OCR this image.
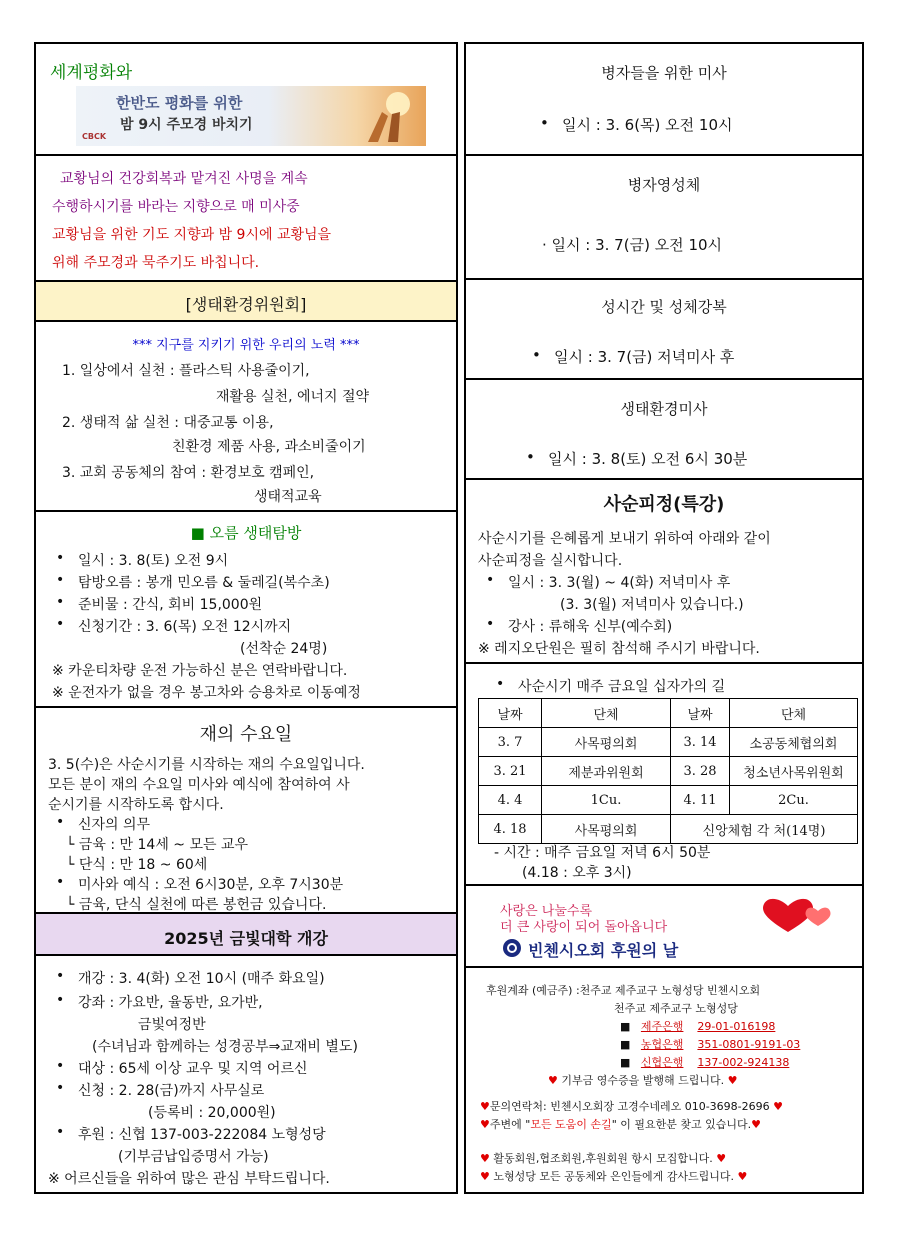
세계평화와
한반도 평화를 위한
밤 9시 주모경 바치기
CBCK
교황님의 건강회복과 맡겨진 사명을 계속
수행하시기를 바라는 지향으로 매 미사중
교황님을 위한 기도 지향과 밤 9시에 교황님을
위해 주모경과 묵주기도 바칩니다.
[생태환경위원회]
*** 지구를 지키기 위한 우리의 노력 ***
1. 일상에서 실천 : 플라스틱 사용줄이기,
재활용 실천, 에너지 절약
2. 생태적 삶 실천 : 대중교통 이용,
친환경 제품 사용, 과소비줄이기
3. 교회 공동체의 참여 : 환경보호 캠페인,
생태적교육
■ 오름 생태탐방
• 일시 : 3. 8(토) 오전 9시
• 탐방오름 : 봉개 민오름 & 둘레길(복수초)
• 준비물 : 간식, 회비 15,000원
• 신청기간 : 3. 6(목) 오전 12시까지
(선착순 24명)
※ 카운티차량 운전 가능하신 분은 연락바랍니다.
※ 운전자가 없을 경우 봉고차와 승용차로 이동예정
재의 수요일
3. 5(수)은 사순시기를 시작하는 재의 수요일입니다.
모든 분이 재의 수요일 미사와 예식에 참여하여 사
순시기를 시작하도록 합시다.
• 신자의 의무
└ 금육 : 만 14세 ~ 모든 교우
└ 단식 : 만 18 ~ 60세
• 미사와 예식 : 오전 6시30분, 오후 7시30분
└ 금육, 단식 실천에 따른 봉헌금 있습니다.
2025년 금빛대학 개강
• 개강 : 3. 4(화) 오전 10시 (매주 화요일)
• 강좌 : 가요반, 율동반, 요가반,
금빛여정반
(수녀님과 함께하는 성경공부⇒교재비 별도)
• 대상 : 65세 이상 교우 및 지역 어르신
• 신청 : 2. 28(금)까지 사무실로
(등록비 : 20,000원)
• 후원 : 신협 137-003-222084 노형성당
(기부금납입증명서 가능)
※ 어르신들을 위하여 많은 관심 부탁드립니다.
병자들을 위한 미사
• 일시 : 3. 6(목) 오전 10시
병자영성체
· 일시 : 3. 7(금) 오전 10시
성시간 및 성체강복
• 일시 : 3. 7(금) 저녁미사 후
생태환경미사
• 일시 : 3. 8(토) 오전 6시 30분
사순피정(특강)
사순시기를 은혜롭게 보내기 위하여 아래와 같이
사순피정을 실시합니다.
• 일시 : 3. 3(월) ~ 4(화) 저녁미사 후
(3. 3(월) 저녁미사 있습니다.)
• 강사 : 류해욱 신부(예수회)
※ 레지오단원은 필히 참석해 주시기 바랍니다.
• 사순시기 매주 금요일 십자가의 길
날짜	단체	날짜	단체
3. 7	사목평의회	3. 14	소공동체협의회
3. 21	제분과위원회	3. 28	청소년사목위원회
4. 4	1Cu.	4. 11	2Cu.
4. 18	사목평의회	신앙체험 각 처(14명)	
- 시간 : 매주 금요일 저녁 6시 50분
(4.18 : 오후 3시)
사랑은 나눌수록
더 큰 사랑이 되어 돌아옵니다
빈첸시오회 후원의 날
후원계좌 (예금주) :천주교 제주교구 노형성당 빈첸시오회
천주교 제주교구 노형성당
■ 제주은행 29-01-016198
■ 농협은행 351-0801-9191-03
■ 신협은행 137-002-924138
♥ 기부금 영수증을 발행해 드립니다. ♥
♥문의연락처: 빈첸시오회장 고경수네레오 010-3698-2696 ♥
♥주변에 "모든 도움이 손길" 이 필요한분 찾고 있습니다.♥
♥ 활동회원,협조회원,후원회원 항시 모집합니다. ♥
♥ 노형성당 모든 공동체와 은인들에게 감사드립니다. ♥
